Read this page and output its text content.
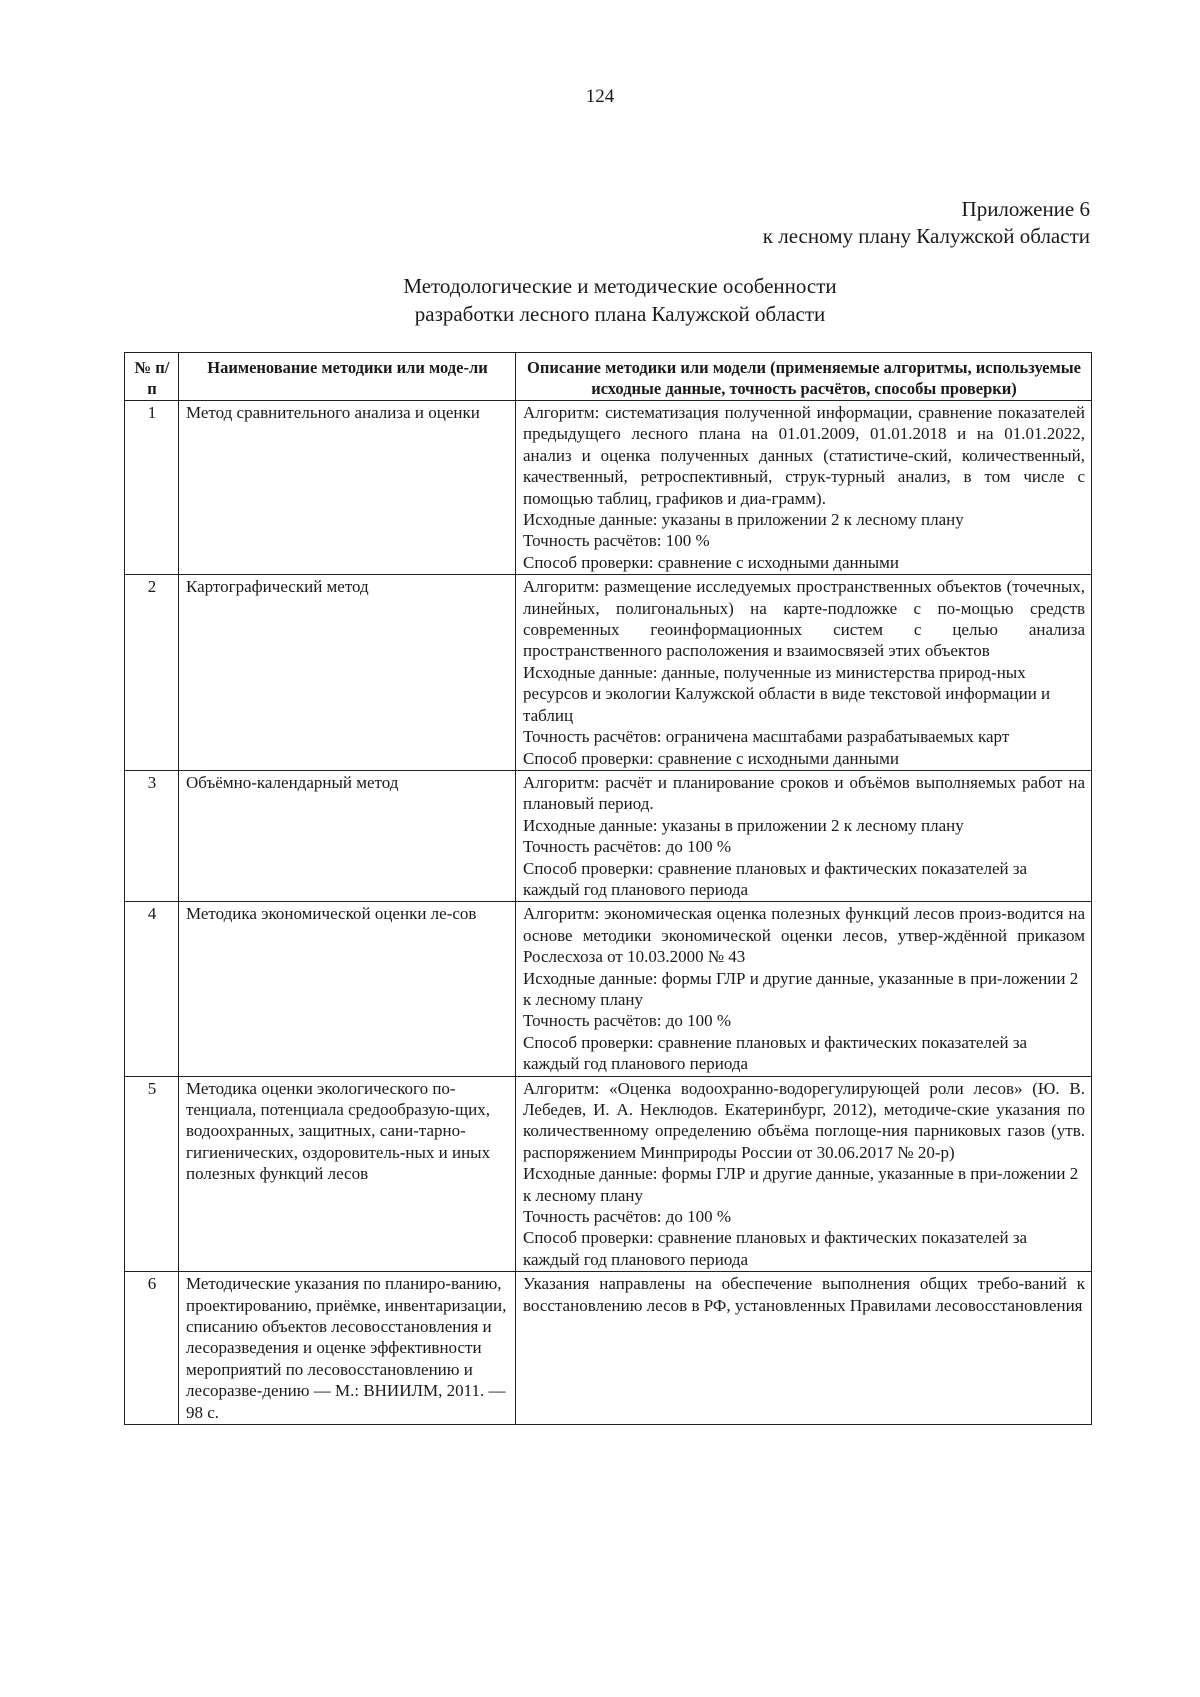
124
Приложение 6
к лесному плану Калужской области
Методологические и методические особенности
разработки лесного плана Калужской области
№ п/п	Наименование методики или моде-ли	Описание методики или модели (применяемые алгоритмы, используемые исходные данные, точность расчётов, способы проверки)
1	Метод сравнительного анализа и оценки	Алгоритм: систематизация полученной информации, сравнение показателей предыдущего лесного плана на 01.01.2009, 01.01.2018 и на 01.01.2022, анализ и оценка полученных данных (статистиче-ский, количественный, качественный, ретроспективный, струк-турный анализ, в том числе с помощью таблиц, графиков и диа-грамм).

Исходные данные: указаны в приложении 2 к лесному плану

Точность расчётов: 100 %

Способ проверки: сравнение с исходными данными

2	Картографический метод	Алгоритм: размещение исследуемых пространственных объектов (точечных, линейных, полигональных) на карте-подложке с по-мощью средств современных геоинформационных систем с целью анализа пространственного расположения и взаимосвязей этих объектов

Исходные данные: данные, полученные из министерства природ-ных ресурсов и экологии Калужской области в виде текстовой информации и таблиц

Точность расчётов: ограничена масштабами разрабатываемых карт

Способ проверки: сравнение с исходными данными

3	Объёмно-календарный метод	Алгоритм: расчёт и планирование сроков и объёмов выполняемых работ на плановый период.

Исходные данные: указаны в приложении 2 к лесному плану

Точность расчётов: до 100 %

Способ проверки: сравнение плановых и фактических показателей за каждый год планового периода

4	Методика экономической оценки ле-сов	Алгоритм: экономическая оценка полезных функций лесов произ-водится на основе методики экономической оценки лесов, утвер-ждённой приказом Рослесхоза от 10.03.2000 № 43

Исходные данные: формы ГЛР и другие данные, указанные в при-ложении 2 к лесному плану

Точность расчётов: до 100 %

Способ проверки: сравнение плановых и фактических показателей за каждый год планового периода

5	Методика оценки экологического по-тенциала, потенциала средообразую-щих, водоохранных, защитных, сани-тарно-гигиенических, оздоровитель-ных и иных полезных функций лесов	Алгоритм: «Оценка водоохранно-водорегулирующей роли лесов» (Ю. В. Лебедев, И. А. Неклюдов. Екатеринбург, 2012), методиче-ские указания по количественному определению объёма поглоще-ния парниковых газов (утв. распоряжением Минприроды России от 30.06.2017 № 20-р)

Исходные данные: формы ГЛР и другие данные, указанные в при-ложении 2 к лесному плану

Точность расчётов: до 100 %

Способ проверки: сравнение плановых и фактических показателей за каждый год планового периода

6	Методические указания по планиро-ванию, проектированию, приёмке, инвентаризации, списанию объектов лесовосстановления и лесоразведения и оценке эффективности мероприятий по лесовосстановлению и лесоразве-дению — М.: ВНИИЛМ, 2011. — 98 с.	Указания направлены на обеспечение выполнения общих требо-ваний к восстановлению лесов в РФ, установленных Правилами лесовосстановления
